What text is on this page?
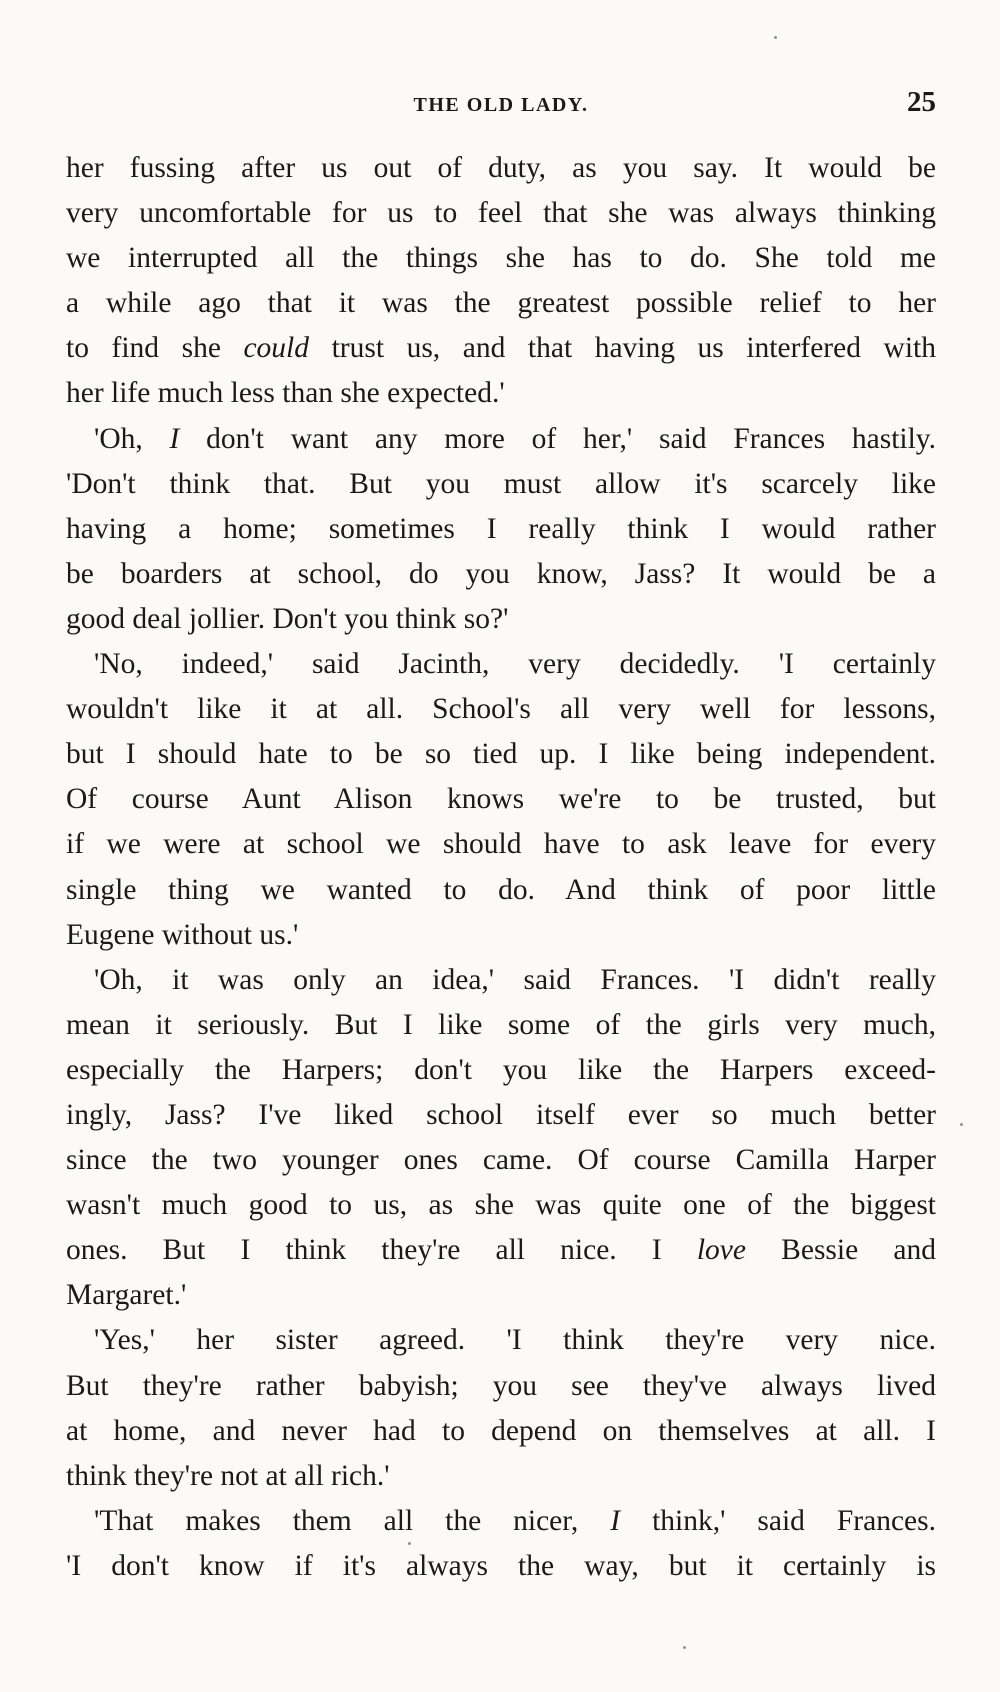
THE OLD LADY.	25
her fussing after us out of duty, as you say. It would be
very uncomfortable for us to feel that she was always thinking
we interrupted all the things she has to do. She told me
a while ago that it was the greatest possible relief to her
to find she could trust us, and that having us interfered with
her life much less than she expected.'
'Oh, I don't want any more of her,' said Frances hastily.
'Don't think that. But you must allow it's scarcely like
having a home; sometimes I really think I would rather
be boarders at school, do you know, Jass? It would be a
good deal jollier. Don't you think so?'
'No, indeed,' said Jacinth, very decidedly. 'I certainly
wouldn't like it at all. School's all very well for lessons,
but I should hate to be so tied up. I like being independent.
Of course Aunt Alison knows we're to be trusted, but
if we were at school we should have to ask leave for every
single thing we wanted to do. And think of poor little
Eugene without us.'
'Oh, it was only an idea,' said Frances. 'I didn't really
mean it seriously. But I like some of the girls very much,
especially the Harpers; don't you like the Harpers exceed-
ingly, Jass? I've liked school itself ever so much better
since the two younger ones came. Of course Camilla Harper
wasn't much good to us, as she was quite one of the biggest
ones. But I think they're all nice. I love Bessie and
Margaret.'
'Yes,' her sister agreed. 'I think they're very nice.
But they're rather babyish; you see they've always lived
at home, and never had to depend on themselves at all. I
think they're not at all rich.'
'That makes them all the nicer, I think,' said Frances.
'I don't know if it's always the way, but it certainly is
